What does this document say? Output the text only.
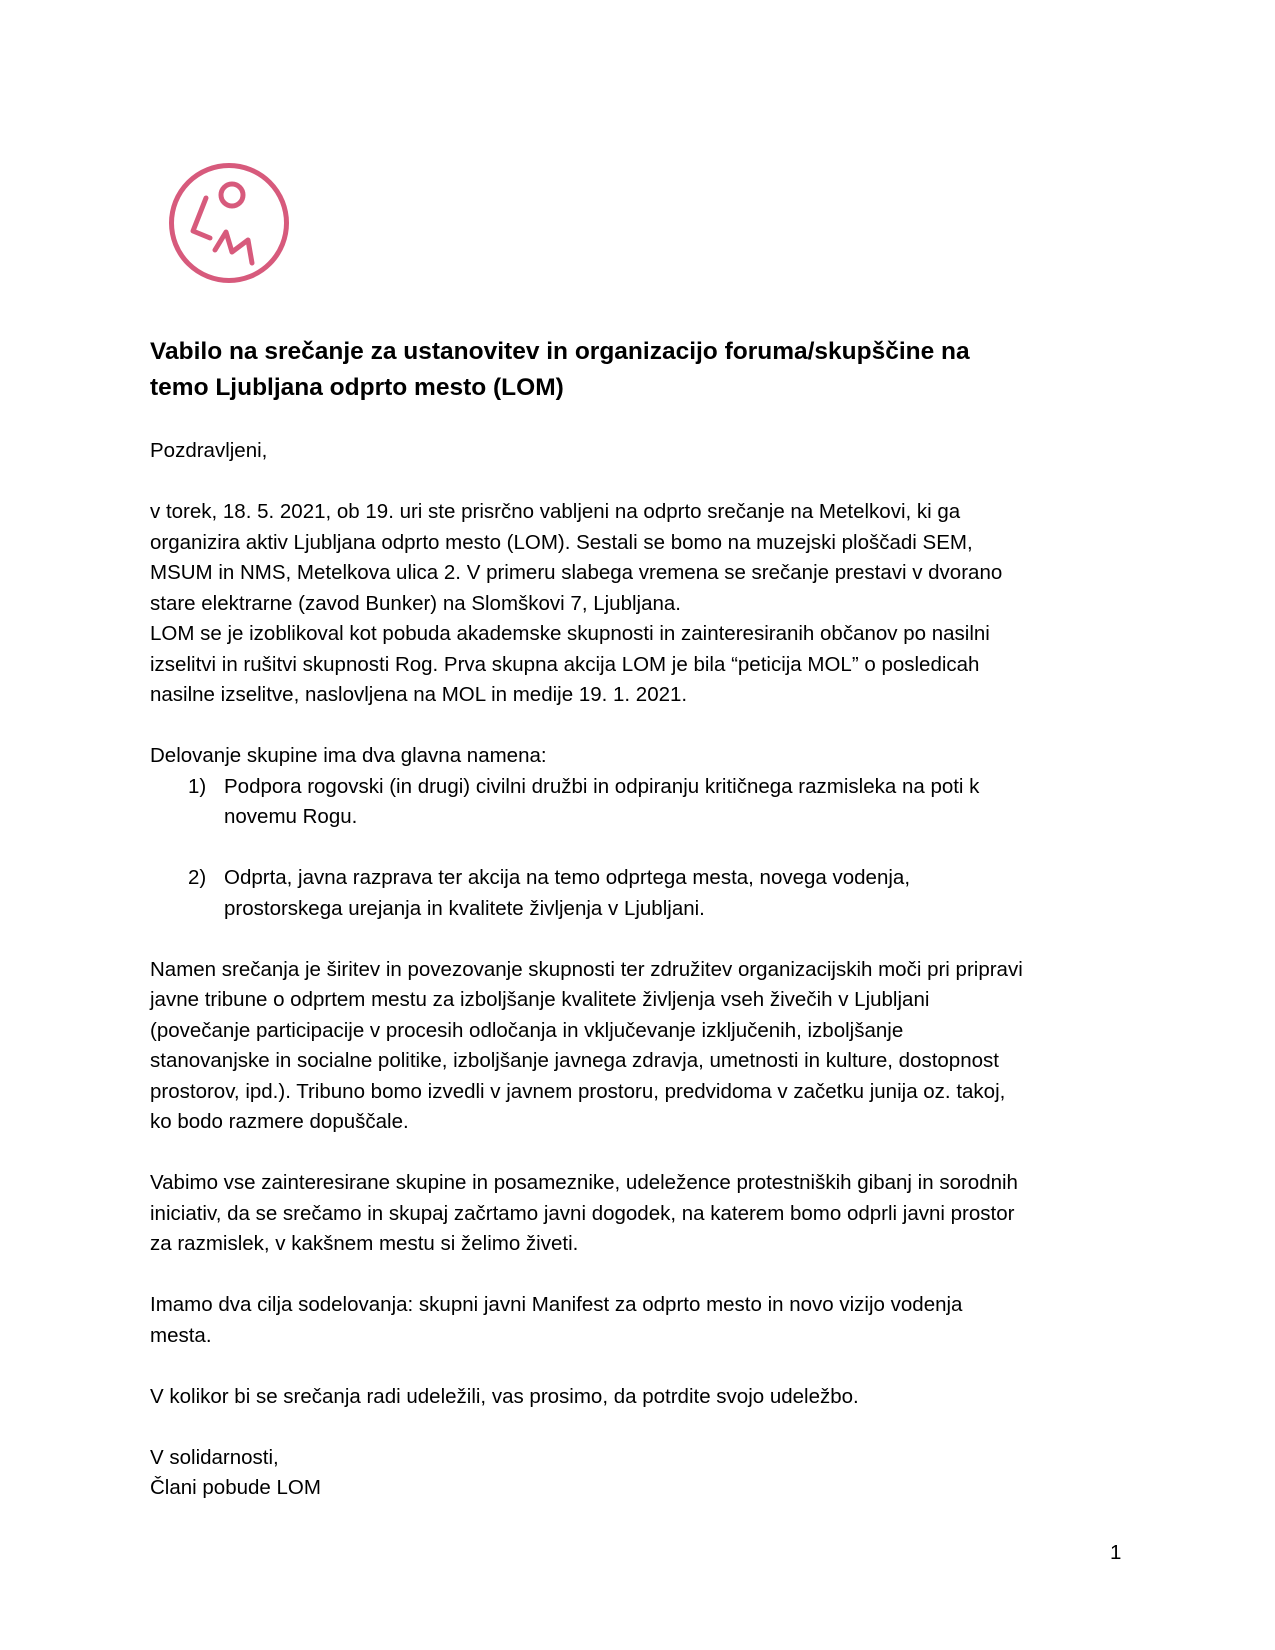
Vabilo na srečanje za ustanovitev in organizacijo foruma/skupščine na
temo Ljubljana odprto mesto (LOM)

Pozdravljeni,

v torek, 18. 5. 2021, ob 19. uri ste prisrčno vabljeni na odprto srečanje na Metelkovi, ki ga
organizira aktiv Ljubljana odprto mesto (LOM). Sestali se bomo na muzejski ploščadi SEM,
MSUM in NMS, Metelkova ulica 2. V primeru slabega vremena se srečanje prestavi v dvorano
stare elektrarne (zavod Bunker) na Slomškovi 7, Ljubljana.
LOM se je izoblikoval kot pobuda akademske skupnosti in zainteresiranih občanov po nasilni
izselitvi in rušitvi skupnosti Rog. Prva skupna akcija LOM je bila “peticija MOL” o posledicah
nasilne izselitve, naslovljena na MOL in medije 19. 1. 2021.

Delovanje skupine ima dva glavna namena:

1) Podpora rogovski (in drugi) civilni družbi in odpiranju kritičnega razmisleka na poti k
novemu Rogu.
2) Odprta, javna razprava ter akcija na temo odprtega mesta, novega vodenja,
prostorskega urejanja in kvalitete življenja v Ljubljani.

Namen srečanja je širitev in povezovanje skupnosti ter združitev organizacijskih moči pri pripravi
javne tribune o odprtem mestu za izboljšanje kvalitete življenja vseh živečih v Ljubljani
(povečanje participacije v procesih odločanja in vključevanje izključenih, izboljšanje
stanovanjske in socialne politike, izboljšanje javnega zdravja, umetnosti in kulture, dostopnost
prostorov, ipd.). Tribuno bomo izvedli v javnem prostoru, predvidoma v začetku junija oz. takoj,
ko bodo razmere dopuščale.

Vabimo vse zainteresirane skupine in posameznike, udeležence protestniških gibanj in sorodnih
iniciativ, da se srečamo in skupaj začrtamo javni dogodek, na katerem bomo odprli javni prostor
za razmislek, v kakšnem mestu si želimo živeti.

Imamo dva cilja sodelovanja: skupni javni Manifest za odprto mesto in novo vizijo vodenja
mesta.

V kolikor bi se srečanja radi udeležili, vas prosimo, da potrdite svojo udeležbo.

V solidarnosti,
Člani pobude LOM

1
